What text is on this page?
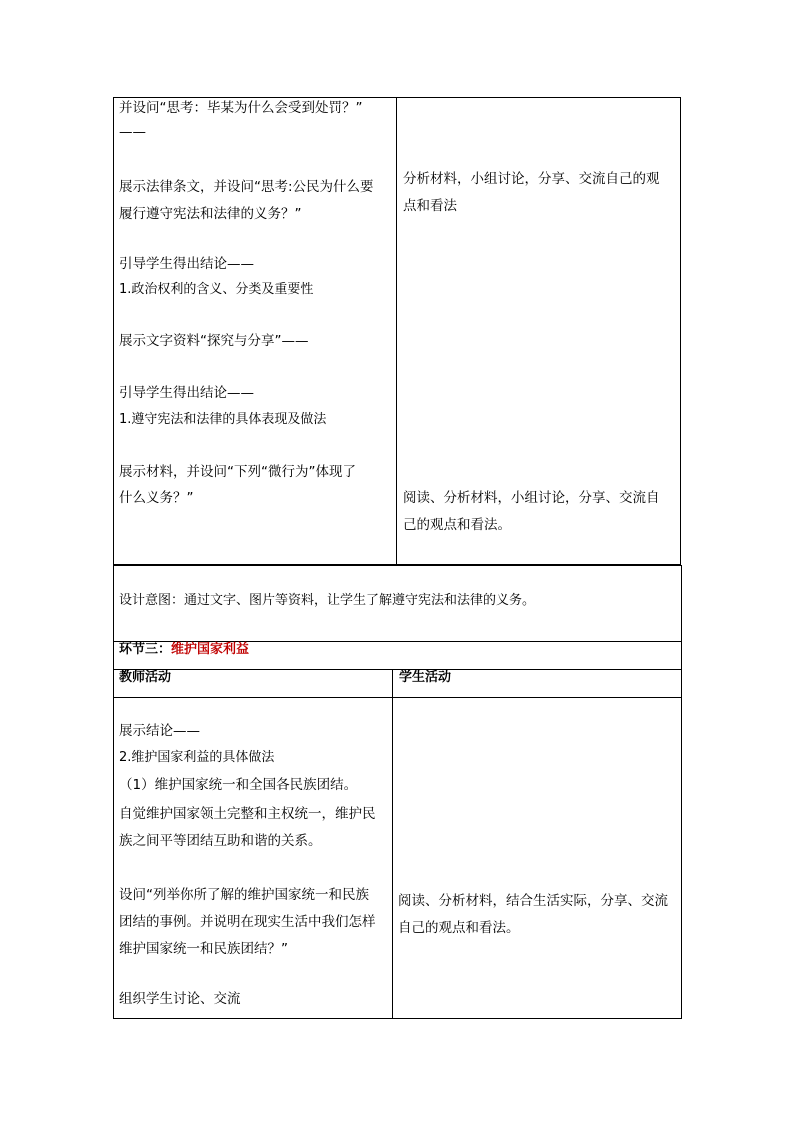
并设问“思考：毕某为什么会受到处罚？”
——
展示法律条文，并设问“思考:公民为什么要
履行遵守宪法和法律的义务？”
引导学生得出结论——
1.政治权利的含义、分类及重要性
展示文字资料“探究与分享”——
引导学生得出结论——
1.遵守宪法和法律的具体表现及做法
展示材料，并设问“下列“微行为”体现了
什么义务？”
分析材料，小组讨论，分享、交流自己的观
点和看法
阅读、分析材料，小组讨论，分享、交流自
己的观点和看法。
设计意图：通过文字、图片等资料，让学生了解遵守宪法和法律的义务。
环节三：维护国家利益
教师活动	学生活动
展示结论——
2.维护国家利益的具体做法
（1）维护国家统一和全国各民族团结。
自觉维护国家领土完整和主权统一，维护民
族之间平等团结互助和谐的关系。
设问“列举你所了解的维护国家统一和民族
团结的事例。并说明在现实生活中我们怎样
维护国家统一和民族团结？”
组织学生讨论、交流
阅读、分析材料，结合生活实际，分享、交流
自己的观点和看法。
